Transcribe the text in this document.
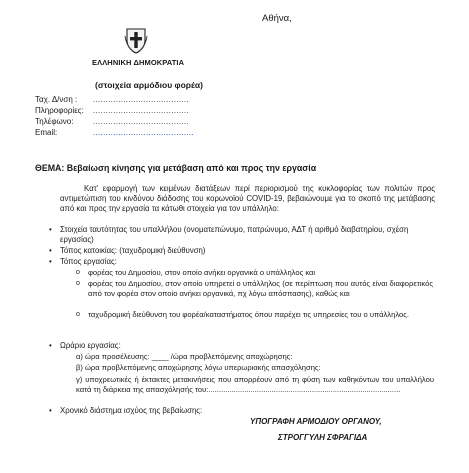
Αθήνα,
ΕΛΛΗΝΙΚΗ ΔΗΜΟΚΡΑΤΙΑ
(στοιχεία αρμόδιου φορέα)
Ταχ. Δ/νση : ......................................
Πληροφορίες: ......................................
Τηλέφωνο: ......................................
Email:	........................................
ΘΕΜΑ: Βεβαίωση κίνησης για μετάβαση από και προς την εργασία
Κατ' εφαρμογή των κειμένων διατάξεων περί περιορισμού της κυκλοφορίας των πολιτών προς αντιμετώπιση του κινδύνου διάδοσης του κορωνοϊού COVID-19, βεβαιώνουμε για το σκοπό της μετάβασης από και προς την εργασία τα κάτωθι στοιχεία για τον υπάλληλο:
• Στοιχεία ταυτότητας του υπαλλήλου (ονοματεπώνυμο, πατρώνυμο, ΑΔΤ ή αριθμό διαβατηρίου, σχέση εργασίας)
• Τόπος κατοικίας: (ταχυδρομική διεύθυνση)
• Τόπος εργασίας:
o φορέας του Δημοσίου, στον οποίο ανήκει οργανικά ο υπάλληλος και
o φορέας του Δημοσίου, στον οποίο υπηρετεί ο υπάλληλος (σε περίπτωση που αυτός είναι διαφορετικός από τον φορέα στον οποίο ανήκει οργανικά, πχ λόγω απόσπασης), καθώς και
o ταχυδρομική διεύθυνση του φορέα/καταστήματος όπου παρέχει τις υπηρεσίες του ο υπάλληλος.
• Ωράριο εργασίας:
α) ώρα προσέλευσης: ____ /ώρα προβλεπόμενης αποχώρησης:
β) ώρα προβλεπόμενης αποχώρησης λόγω υπερωριακής απασχόλησης:
γ) υποχρεωτικές ή έκτακτες μετακινήσεις που απορρέουν από τη φύση των καθηκόντων του υπαλλήλου κατά τη διάρκεια της απασχόλησής του:...........................................................................................
• Χρονικό διάστημα ισχύος της βεβαίωσης:
ΥΠΟΓΡΑΦΗ ΑΡΜΟΔΙΟΥ ΟΡΓΑΝΟΥ,
ΣΤΡΟΓΓΥΛΗ ΣΦΡΑΓΙΔΑ
